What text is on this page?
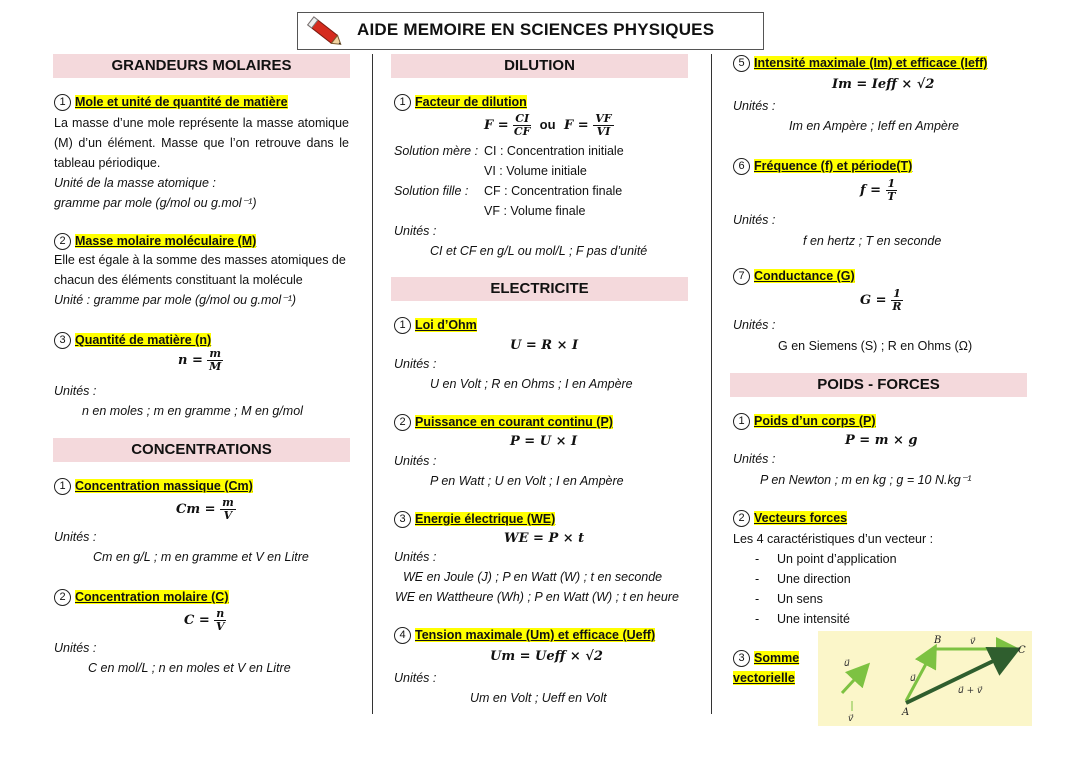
AIDE MEMOIRE EN SCIENCES PHYSIQUES
GRANDEURS MOLAIRES
1 Mole et unité de quantité de matière
La masse d’une mole représente la masse atomique (M) d’un élément. Masse que l’on retrouve dans le tableau périodique.
Unité de la masse atomique :
gramme par mole (g/mol ou g.mol⁻¹)
2 Masse molaire moléculaire (M)
Elle est égale à la somme des masses atomiques de chacun des éléments constituant la molécule
Unité : gramme par mole (g/mol ou g.mol⁻¹)
3 Quantité de matière (n)
$n = \frac{m}{M}$
Unités :
n en moles ; m en gramme ; M en g/mol
CONCENTRATIONS
1 Concentration massique (Cm)
$Cm = \frac{m}{V}$
Unités :
Cm en g/L ; m en gramme et V en Litre
2 Concentration molaire (C)
$C = \frac{n}{V}$
Unités :
C en mol/L ; n en moles et V en Litre
DILUTION
1 Facteur de dilution
$F = \frac{CI}{CF}$ ou $F = \frac{VF}{VI}$
Solution mère : CI : Concentration initiale
VI : Volume initiale
Solution fille : CF : Concentration finale
VF : Volume finale
Unités :
CI et CF en g/L ou mol/L ; F pas d’unité
ELECTRICITE
1 Loi d’Ohm
U = R × I
Unités :
U en Volt ; R en Ohms ; I en Ampère
2 Puissance en courant continu (P)
P = U × I
Unités :
P en Watt ; U en Volt ; I en Ampère
3 Energie électrique (WE)
WE = P × t
Unités :
WE en Joule (J) ; P en Watt (W) ; t en seconde
WE en Wattheure (Wh) ; P en Watt (W) ; t en heure
4 Tension maximale (Um) et efficace (Ueff)
Um = Ueff × √2
Unités :
Um en Volt ; Ueff en Volt
5 Intensité maximale (Im) et efficace (Ieff)
Im = Ieff × √2
Unités :
Im en Ampère ; Ieff en Ampère
6 Fréquence (f) et période(T)
$f = \frac{1}{T}$
Unités :
f en hertz ; T en seconde
7 Conductance (G)
$G = \frac{1}{R}$
Unités :
G en Siemens (S) ; R en Ohms (Ω)
POIDS - FORCES
1 Poids d’un corps (P)
P = m × g
Unités :
P en Newton ; m en kg ; g = 10 N.kg⁻¹
2 Vecteurs forces
Les 4 caractéristiques d’un vecteur :
- Un point d’application
- Une direction
- Un sens
- Une intensité
3 Somme
vectorielle
u⃗
v⃗
u⃗
v⃗
u⃗ + v⃗
A
B
C
